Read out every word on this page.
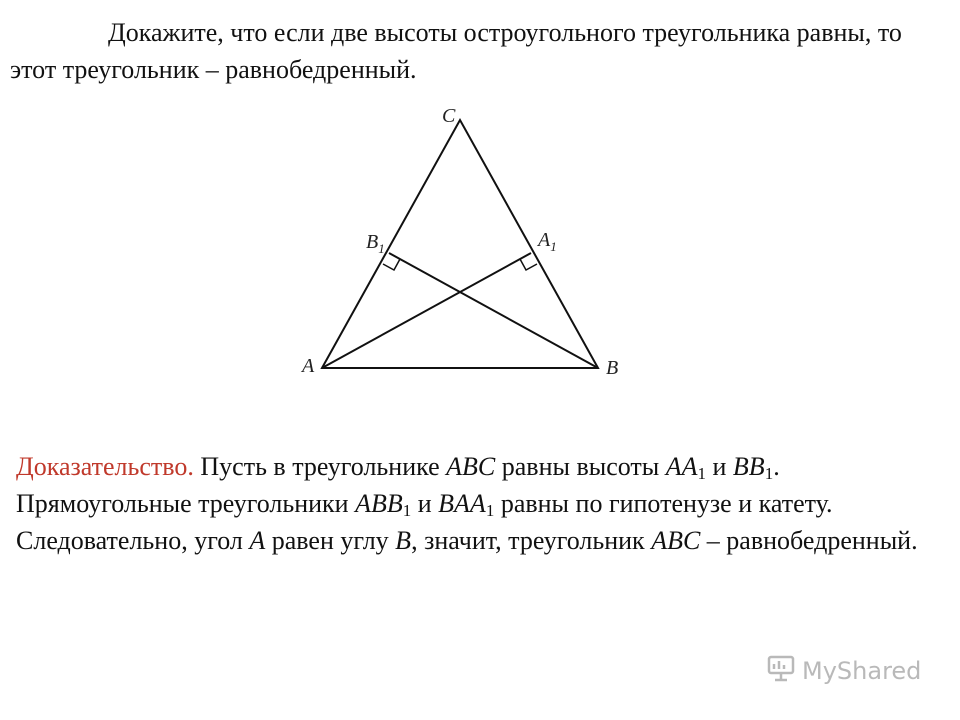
Докажите, что если две высоты остроугольного треугольника равны, то этот треугольник – равнобедренный.

C
A	B
$B_1$	$A_1$

Доказательство. Пусть в треугольнике ABC равны высоты $AA_1$ и $BB_1$. Прямоугольные треугольники $ABB_1$ и $BAA_1$ равны по гипотенузе и катету. Следовательно, угол A равен углу B, значит, треугольник ABC – равнобедренный.

MyShared
